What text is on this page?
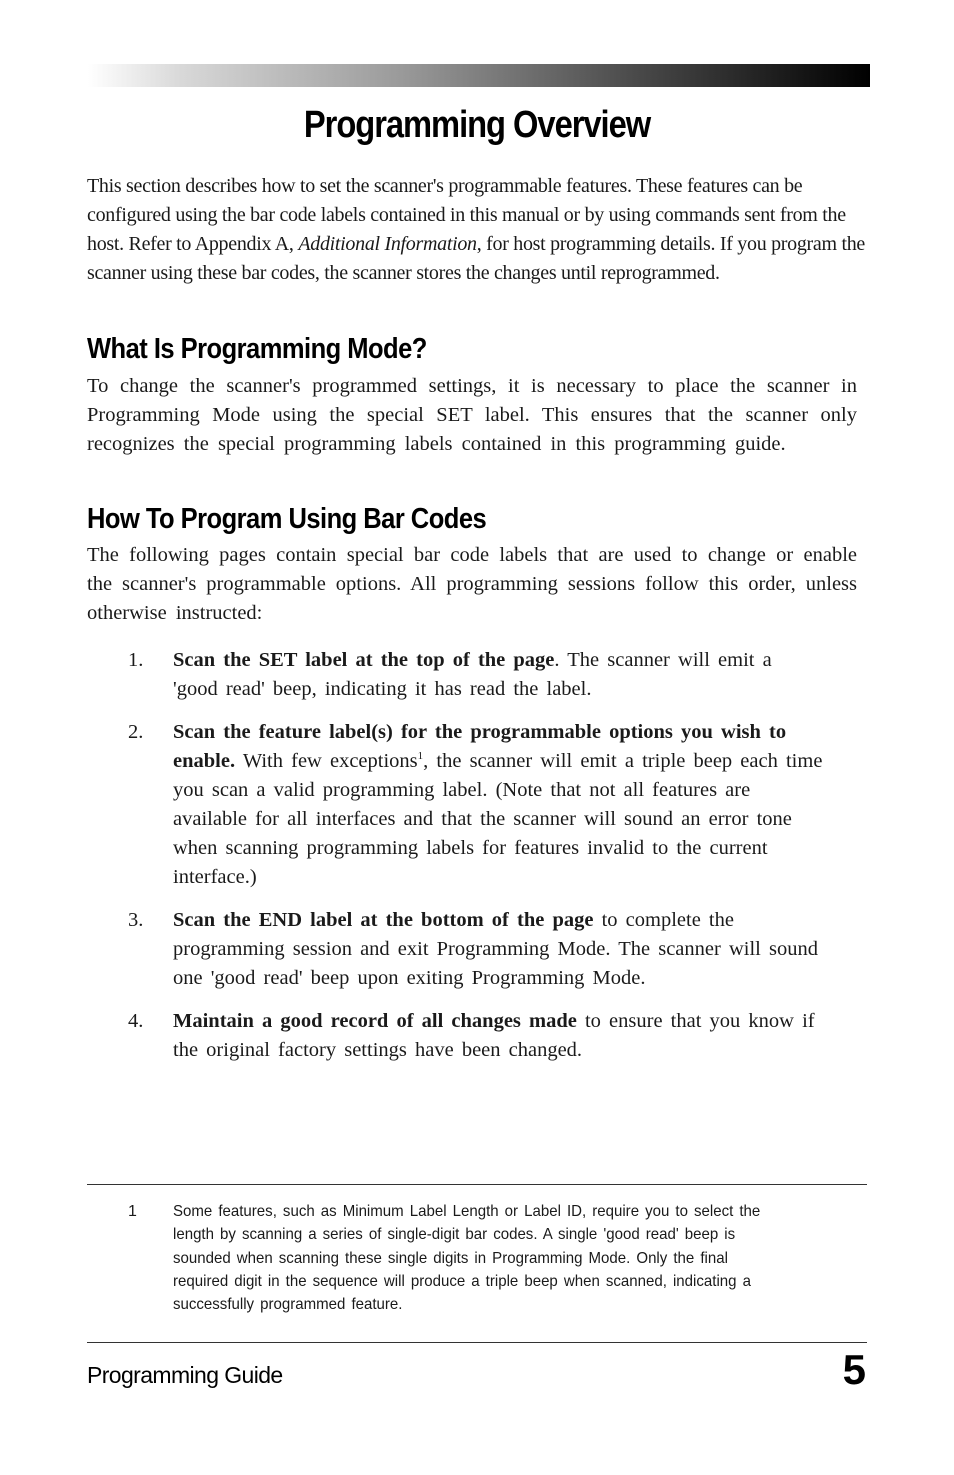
Programming Overview

This section describes how to set the scanner's programmable features. These features can be configured using the bar code labels contained in this manual or by using commands sent from the host. Refer to Appendix A, Additional Information, for host programming details. If you program the scanner using these bar codes, the scanner stores the changes until reprogrammed.

What Is Programming Mode?

To change the scanner's programmed settings, it is necessary to place the scanner in Programming Mode using the special SET label. This ensures that the scanner only recognizes the special programming labels contained in this programming guide.

How To Program Using Bar Codes

The following pages contain special bar code labels that are used to change or enable the scanner's programmable options. All programming sessions follow this order, unless otherwise instructed:

1.	Scan the SET label at the top of the page. The scanner will emit a 'good read' beep, indicating it has read the label.
2.	Scan the feature label(s) for the programmable options you wish to enable. With few exceptions$^1$, the scanner will emit a triple beep each time you scan a valid programming label. (Note that not all features are available for all interfaces and that the scanner will sound an error tone when scanning programming labels for features invalid to the current interface.)
3.	Scan the END label at the bottom of the page to complete the programming session and exit Programming Mode. The scanner will sound one 'good read' beep upon exiting Programming Mode.
4.	Maintain a good record of all changes made to ensure that you know if the original factory settings have been changed.
1	Some features, such as Minimum Label Length or Label ID, require you to select the length by scanning a series of single-digit bar codes. A single 'good read' beep is sounded when scanning these single digits in Programming Mode. Only the final required digit in the sequence will produce a triple beep when scanned, indicating a successfully programmed feature.
Programming Guide	5
